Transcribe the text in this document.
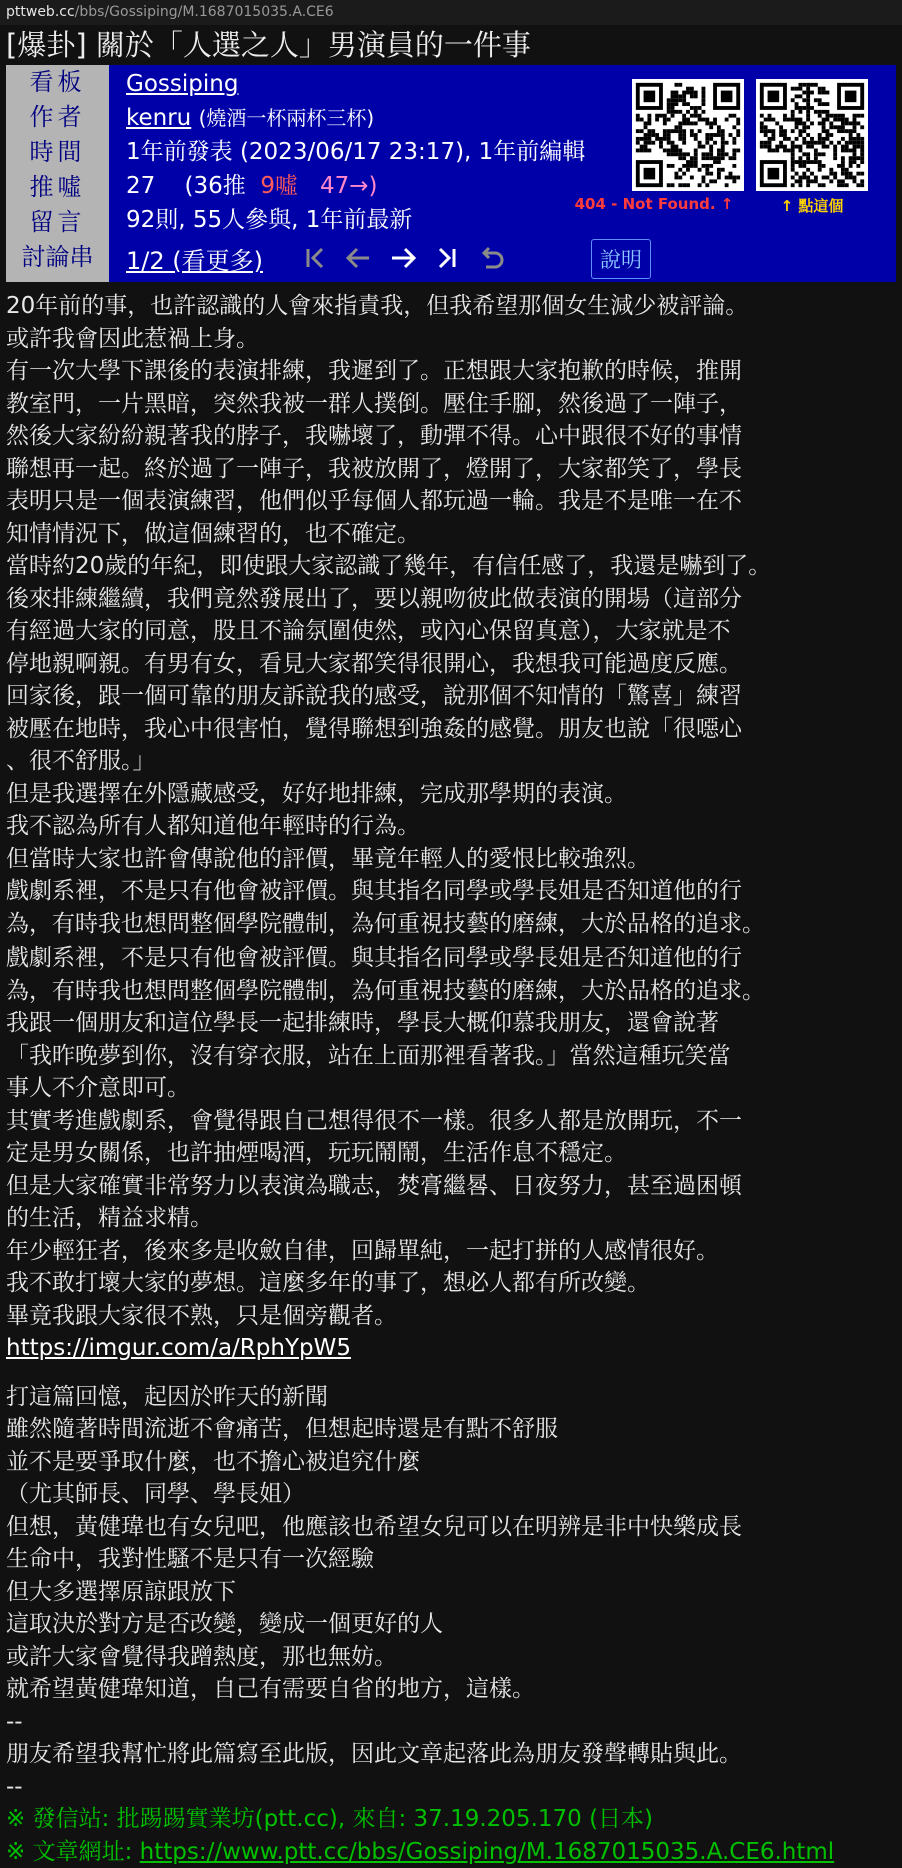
pttweb.cc/bbs/Gossiping/M.1687015035.A.CE6
[爆卦] 關於「人選之人」男演員的一件事
看板
作者
時間
推噓
留言
討論串
Gossiping
kenru (燒酒一杯兩杯三杯)
1年前發表 (2023/06/17 23:17), 1年前編輯
27 (36推 9噓 47→)
92則, 55人參與, 1年前最新
1/2 (看更多)	說明
404 - Not Found. ↑	↑ 點這個
20年前的事，也許認識的人會來指責我，但我希望那個女生減少被評論。
或許我會因此惹禍上身。
有一次大學下課後的表演排練，我遲到了。正想跟大家抱歉的時候，推開
教室門，一片黑暗，突然我被一群人撲倒。壓住手腳，然後過了一陣子，
然後大家紛紛親著我的脖子，我嚇壞了，動彈不得。心中跟很不好的事情
聯想再一起。終於過了一陣子，我被放開了，燈開了，大家都笑了，學長
表明只是一個表演練習，他們似乎每個人都玩過一輪。我是不是唯一在不
知情情況下，做這個練習的，也不確定。
當時約20歲的年紀，即使跟大家認識了幾年，有信任感了，我還是嚇到了。
後來排練繼續，我們竟然發展出了，要以親吻彼此做表演的開場（這部分
有經過大家的同意，股且不論氛圍使然，或內心保留真意），大家就是不
停地親啊親。有男有女，看見大家都笑得很開心，我想我可能過度反應。
回家後，跟一個可靠的朋友訴說我的感受，說那個不知情的「驚喜」練習
被壓在地時，我心中很害怕，覺得聯想到強姦的感覺。朋友也說「很噁心
、很不舒服。」
但是我選擇在外隱藏感受，好好地排練，完成那學期的表演。
我不認為所有人都知道他年輕時的行為。
但當時大家也許會傳說他的評價，畢竟年輕人的愛恨比較強烈。
戲劇系裡，不是只有他會被評價。與其指名同學或學長姐是否知道他的行
為，有時我也想問整個學院體制，為何重視技藝的磨練，大於品格的追求。
戲劇系裡，不是只有他會被評價。與其指名同學或學長姐是否知道他的行
為，有時我也想問整個學院體制，為何重視技藝的磨練，大於品格的追求。
我跟一個朋友和這位學長一起排練時，學長大概仰慕我朋友，還會說著
「我昨晚夢到你，沒有穿衣服，站在上面那裡看著我。」當然這種玩笑當
事人不介意即可。
其實考進戲劇系，會覺得跟自己想得很不一樣。很多人都是放開玩，不一
定是男女關係，也許抽煙喝酒，玩玩鬧鬧，生活作息不穩定。
但是大家確實非常努力以表演為職志，焚膏繼晷、日夜努力，甚至過困頓
的生活，精益求精。
年少輕狂者，後來多是收斂自律，回歸單純，一起打拼的人感情很好。
我不敢打壞大家的夢想。這麼多年的事了，想必人都有所改變。
畢竟我跟大家很不熟，只是個旁觀者。
https://imgur.com/a/RphYpW5
打這篇回憶，起因於昨天的新聞
雖然隨著時間流逝不會痛苦，但想起時還是有點不舒服
並不是要爭取什麼，也不擔心被追究什麼
（尤其師長、同學、學長姐）
但想，黃健瑋也有女兒吧，他應該也希望女兒可以在明辨是非中快樂成長
生命中，我對性騷不是只有一次經驗
但大多選擇原諒跟放下
這取決於對方是否改變，變成一個更好的人
或許大家會覺得我蹭熱度，那也無妨。
就希望黃健瑋知道，自己有需要自省的地方，這樣。
--
朋友希望我幫忙將此篇寫至此版，因此文章起落此為朋友發聲轉貼與此。
--
※ 發信站: 批踢踢實業坊(ptt.cc), 來自: 37.19.205.170 (日本)
※ 文章網址: https://www.ptt.cc/bbs/Gossiping/M.1687015035.A.CE6.html
